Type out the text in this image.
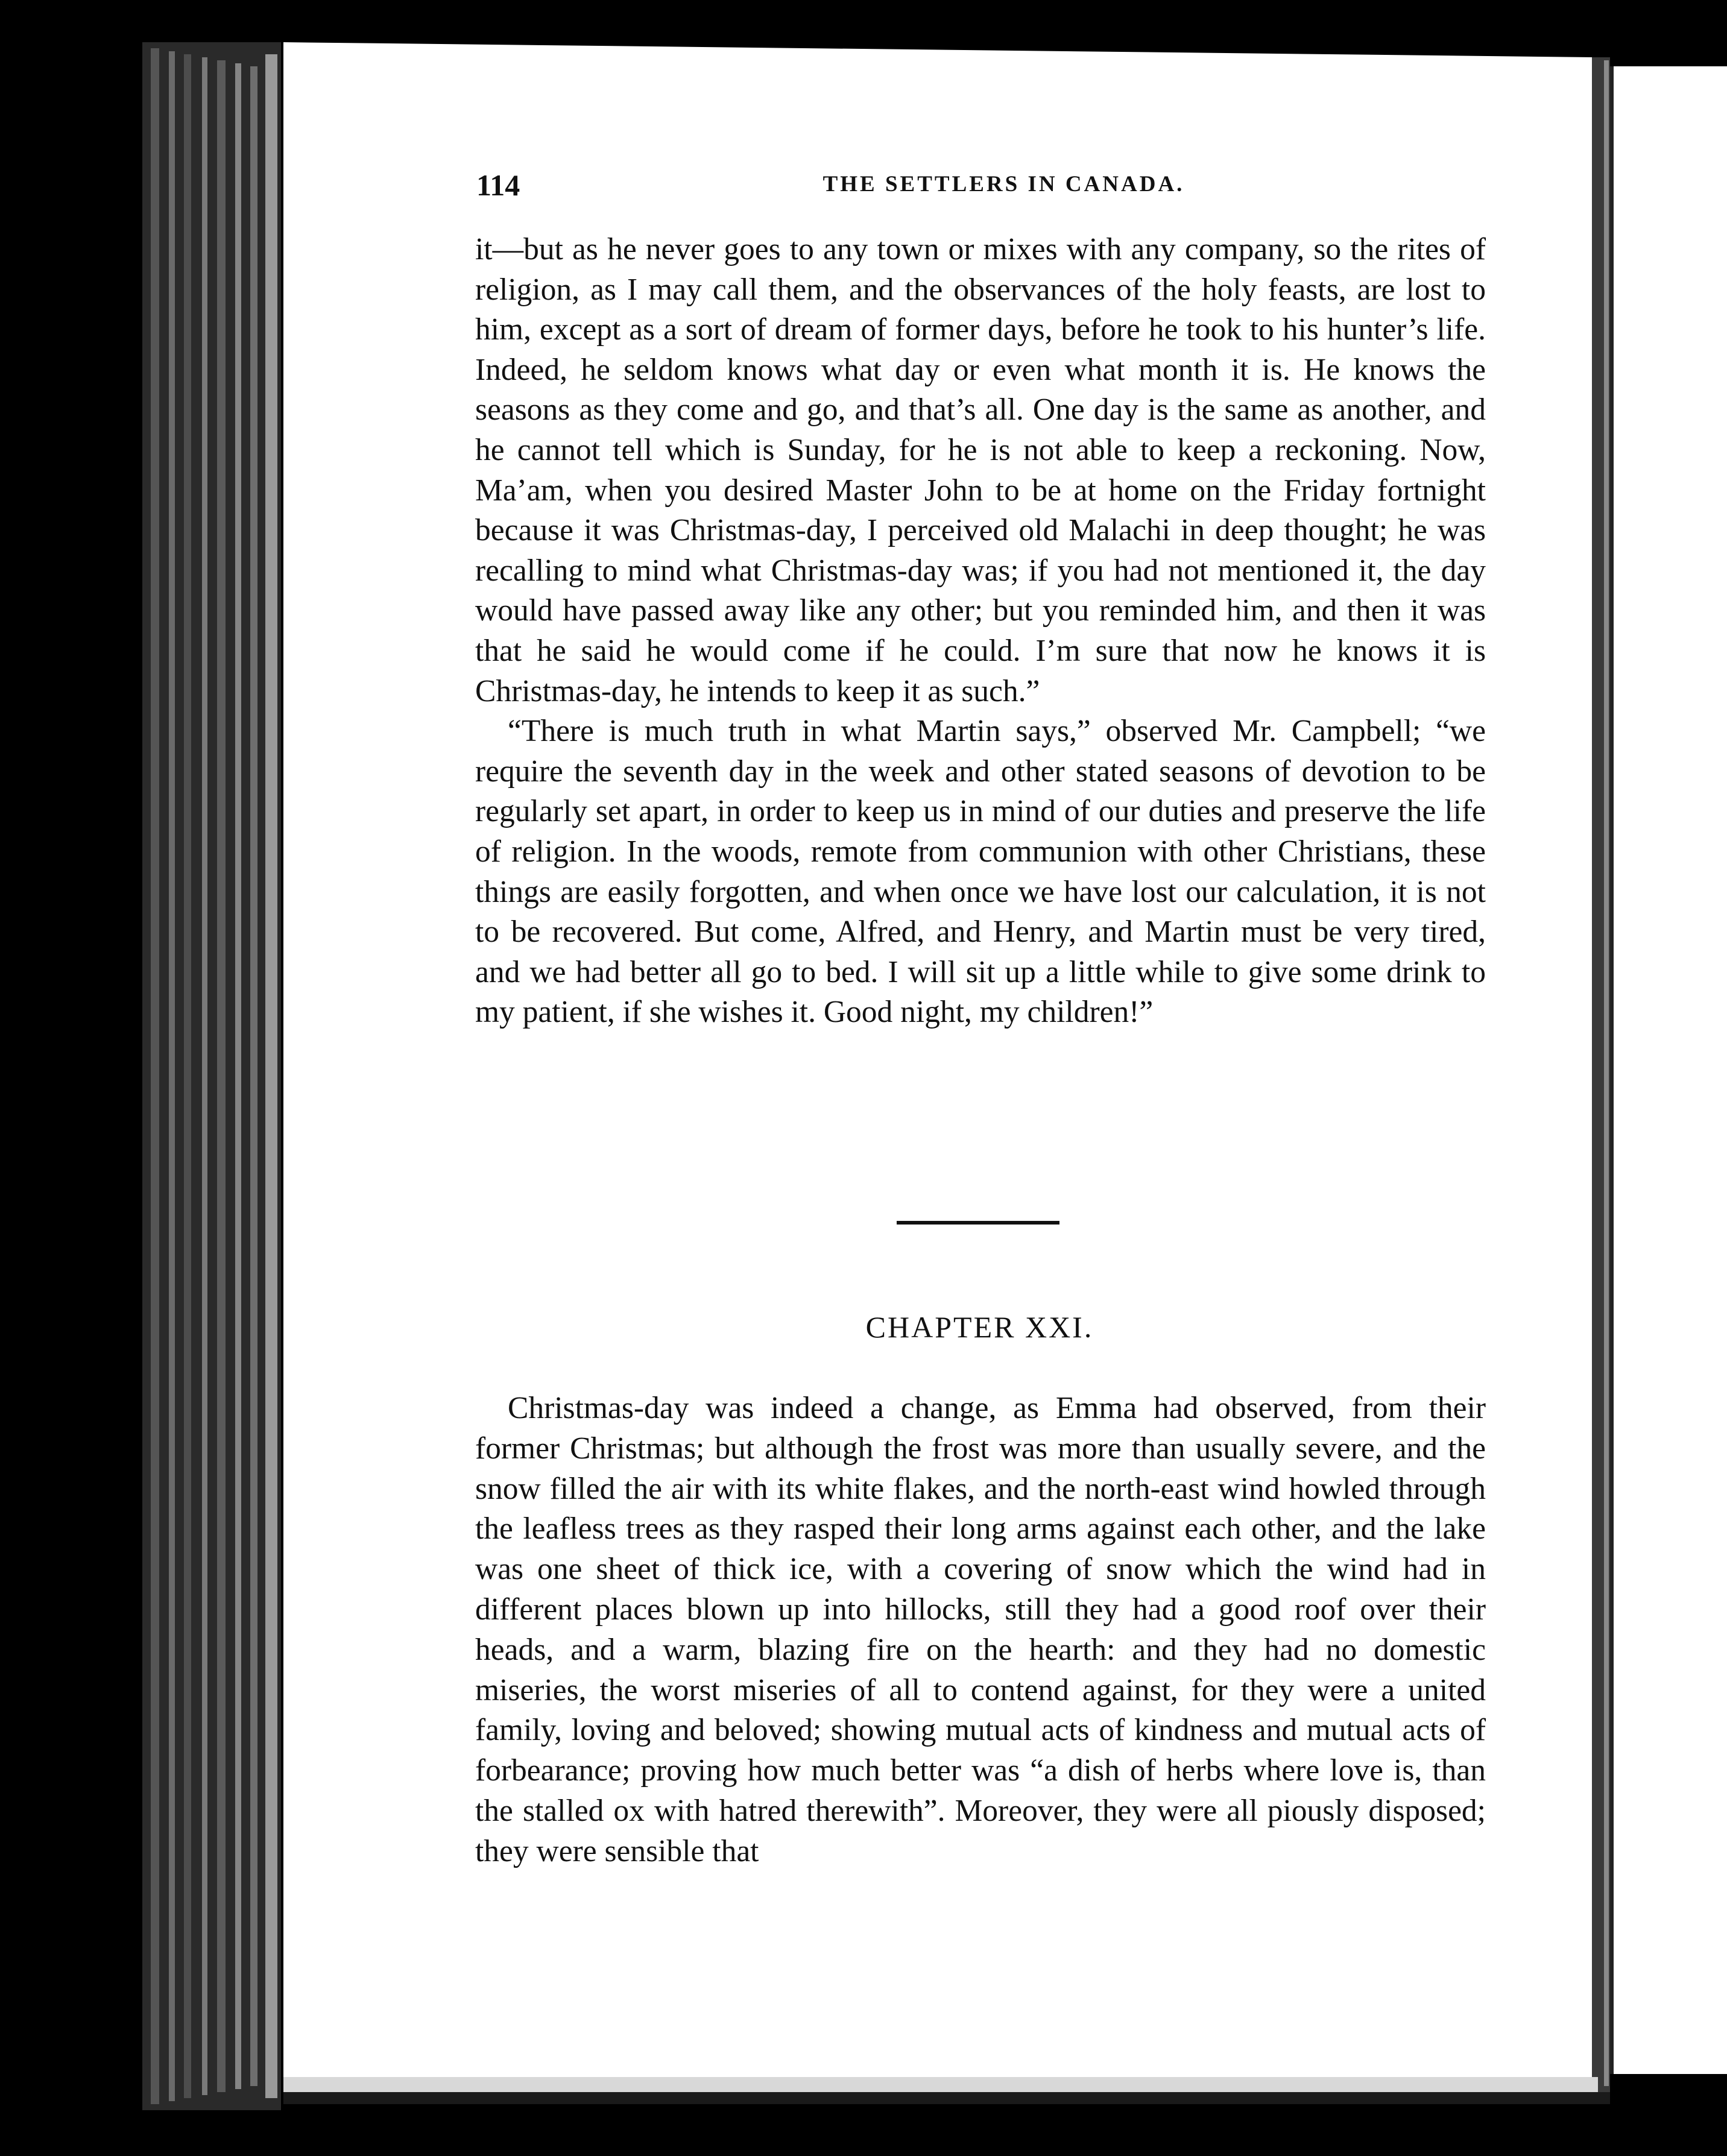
114	THE SETTLERS IN CANADA.

it—but as he never goes to any town or mixes with any company, so the rites of religion, as I may call them, and the observances of the holy feasts, are lost to him, except as a sort of dream of former days, before he took to his hunter’s life. Indeed, he seldom knows what day or even what month it is. He knows the seasons as they come and go, and that’s all. One day is the same as another, and he cannot tell which is Sunday, for he is not able to keep a reckoning. Now, Ma’am, when you desired Master John to be at home on the Friday fortnight because it was Christmas-day, I perceived old Malachi in deep thought; he was recalling to mind what Christmas-day was; if you had not mentioned it, the day would have passed away like any other; but you reminded him, and then it was that he said he would come if he could. I’m sure that now he knows it is Christmas-day, he intends to keep it as such.”

“There is much truth in what Martin says,” observed Mr. Campbell; “we require the seventh day in the week and other stated seasons of devotion to be regularly set apart, in order to keep us in mind of our duties and preserve the life of religion. In the woods, remote from communion with other Christians, these things are easily forgotten, and when once we have lost our calculation, it is not to be recovered. But come, Alfred, and Henry, and Martin must be very tired, and we had better all go to bed. I will sit up a little while to give some drink to my patient, if she wishes it. Good night, my children!”

CHAPTER XXI.

Christmas-day was indeed a change, as Emma had observed, from their former Christmas; but although the frost was more than usually severe, and the snow filled the air with its white flakes, and the north-east wind howled through the leafless trees as they rasped their long arms against each other, and the lake was one sheet of thick ice, with a covering of snow which the wind had in different places blown up into hillocks, still they had a good roof over their heads, and a warm, blazing fire on the hearth: and they had no domestic miseries, the worst miseries of all to contend against, for they were a united family, loving and beloved; showing mutual acts of kindness and mutual acts of forbearance; proving how much better was “a dish of herbs where love is, than the stalled ox with hatred therewith”. Moreover, they were all piously disposed; they were sensible that
